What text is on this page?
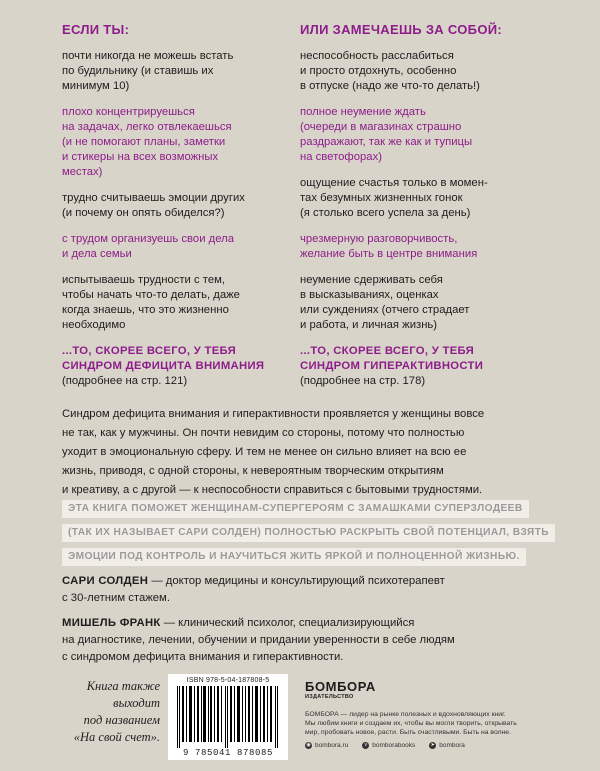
ЕСЛИ ТЫ:
почти никогда не можешь встать
по будильнику (и ставишь их
минимум 10)
плохо концентрируешься
на задачах, легко отвлекаешься
(и не помогают планы, заметки
и стикеры на всех возможных
местах)
трудно считываешь эмоции других
(и почему он опять обиделся?)
с трудом организуешь свои дела
и дела семьи
испытываешь трудности с тем,
чтобы начать что-то делать, даже
когда знаешь, что это жизненно
необходимо
...ТО, СКОРЕЕ ВСЕГО, У ТЕБЯ
СИНДРОМ ДЕФИЦИТА ВНИМАНИЯ
(подробнее на стр. 121)
ИЛИ ЗАМЕЧАЕШЬ ЗА СОБОЙ:
неспособность расслабиться
и просто отдохнуть, особенно
в отпуске (надо же что-то делать!)
полное неумение ждать
(очереди в магазинах страшно
раздражают, так же как и тупицы
на светофорах)
ощущение счастья только в момен-
тах безумных жизненных гонок
(я столько всего успела за день)
чрезмерную разговорчивость,
желание быть в центре внимания
неумение сдерживать себя
в высказываниях, оценках
или суждениях (отчего страдает
и работа, и личная жизнь)
...ТО, СКОРЕЕ ВСЕГО, У ТЕБЯ
СИНДРОМ ГИПЕРАКТИВНОСТИ
(подробнее на стр. 178)
Синдром дефицита внимания и гиперактивности проявляется у женщины вовсе
не так, как у мужчины. Он почти невидим со стороны, потому что полностью
уходит в эмоциональную сферу. И тем не менее он сильно влияет на всю ее
жизнь, приводя, с одной стороны, к невероятным творческим открытиям
и креативу, а с другой — к неспособности справиться с бытовыми трудностями.
ЭТА КНИГА ПОМОЖЕТ ЖЕНЩИНАМ-СУПЕРГЕРОЯМ С ЗАМАШКАМИ СУПЕРЗЛОДЕЕВ
(ТАК ИХ НАЗЫВАЕТ САРИ СОЛДЕН) ПОЛНОСТЬЮ РАСКРЫТЬ СВОЙ ПОТЕНЦИАЛ, ВЗЯТЬ
ЭМОЦИИ ПОД КОНТРОЛЬ И НАУЧИТЬСЯ ЖИТЬ ЯРКОЙ И ПОЛНОЦЕННОЙ ЖИЗНЬЮ.
САРИ СОЛДЕН — доктор медицины и консультирующий психотерапевт
с 30-летним стажем.
МИШЕЛЬ ФРАНК — клинический психолог, специализирующийся
на диагностике, лечении, обучении и придании уверенности в себе людям
с синдромом дефицита внимания и гиперактивности.
Книга также
выходит
под названием
«На свой счет».
ISBN 978-5-04-187808-5
9 785041 878085
БОМБОРА
ИЗДАТЕЛЬСТВО
БОМБОРА — лидер на рынке полезных и вдохновляющих книг.
Мы любим книги и создаем их, чтобы вы могли творить, открывать
мир, пробовать новое, расти. Быть счастливыми. Быть на волне.
◉ bombora.ru	v bomborabooks	➤ bombora
